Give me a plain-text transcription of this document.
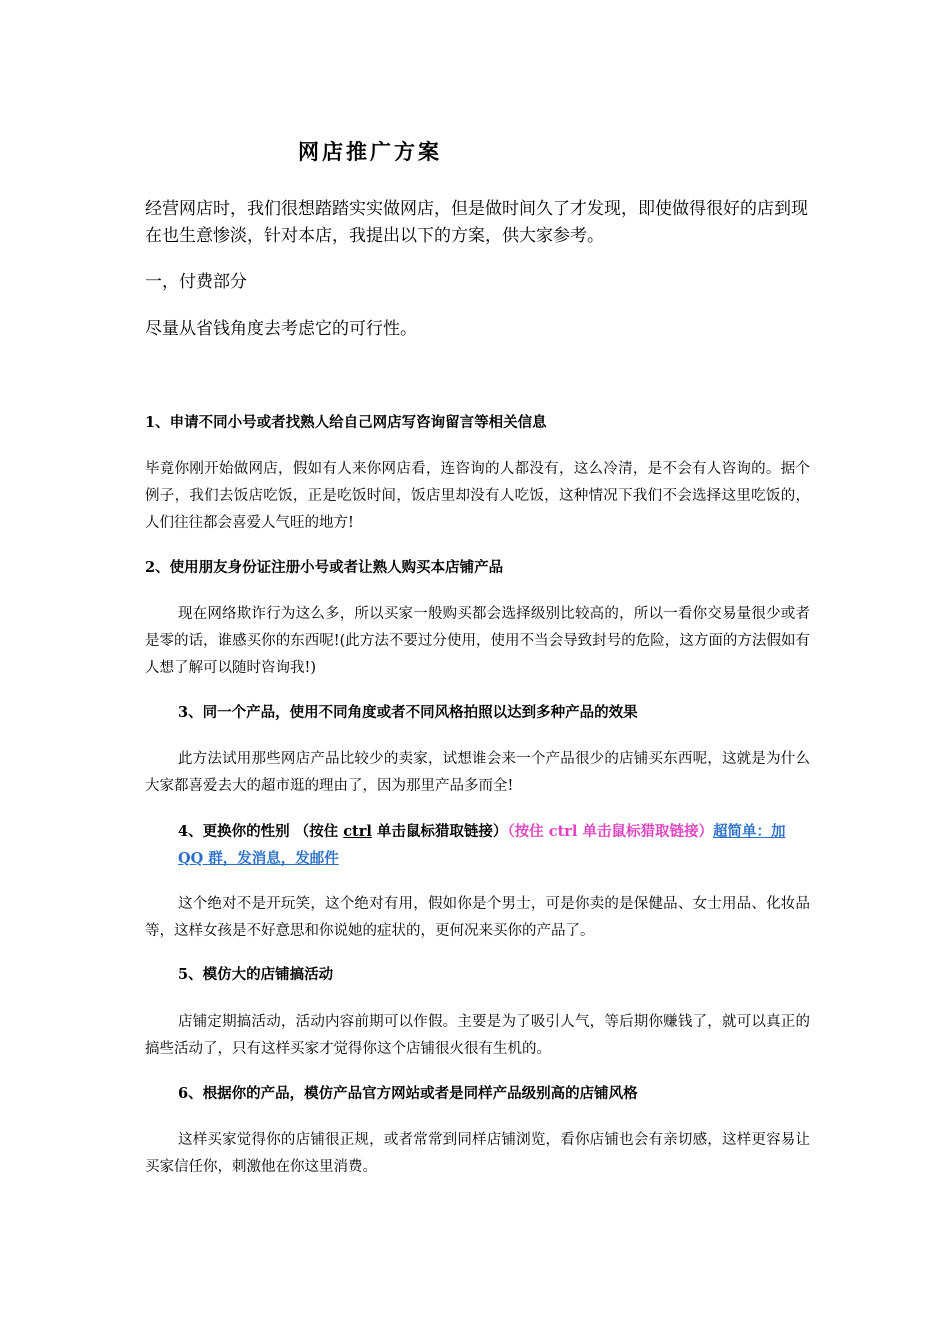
网店推广方案
经营网店时，我们很想踏踏实实做网店，但是做时间久了才发现，即使做得很好的店到现在也生意惨淡，针对本店，我提出以下的方案，供大家参考。
一，付费部分
尽量从省钱角度去考虑它的可行性。
1、申请不同小号或者找熟人给自己网店写咨询留言等相关信息
毕竟你刚开始做网店，假如有人来你网店看，连咨询的人都没有，这么冷清，是不会有人咨询的。据个例子，我们去饭店吃饭，正是吃饭时间，饭店里却没有人吃饭，这种情况下我们不会选择这里吃饭的，人们往往都会喜爱人气旺的地方!
2、使用朋友身份证注册小号或者让熟人购买本店铺产品
现在网络欺诈行为这么多，所以买家一般购买都会选择级别比较高的，所以一看你交易量很少或者是零的话，谁感买你的东西呢!(此方法不要过分使用，使用不当会导致封号的危险，这方面的方法假如有人想了解可以随时咨询我!)
3、同一个产品，使用不同角度或者不同风格拍照以达到多种产品的效果
此方法试用那些网店产品比较少的卖家，试想谁会来一个产品很少的店铺买东西呢，这就是为什么大家都喜爱去大的超市逛的理由了，因为那里产品多而全!
4、更换你的性别 （按住 ctrl 单击鼠标猎取链接）（按住 ctrl 单击鼠标猎取链接）超简单：加 QQ 群，发消息，发邮件
这个绝对不是开玩笑，这个绝对有用，假如你是个男士，可是你卖的是保健品、女士用品、化妆品等，这样女孩是不好意思和你说她的症状的，更何况来买你的产品了。
5、模仿大的店铺搞活动
店铺定期搞活动，活动内容前期可以作假。主要是为了吸引人气，等后期你赚钱了，就可以真正的搞些活动了，只有这样买家才觉得你这个店铺很火很有生机的。
6、根据你的产品，模仿产品官方网站或者是同样产品级别高的店铺风格
这样买家觉得你的店铺很正规，或者常常到同样店铺浏览，看你店铺也会有亲切感，这样更容易让买家信任你，刺激他在你这里消费。
